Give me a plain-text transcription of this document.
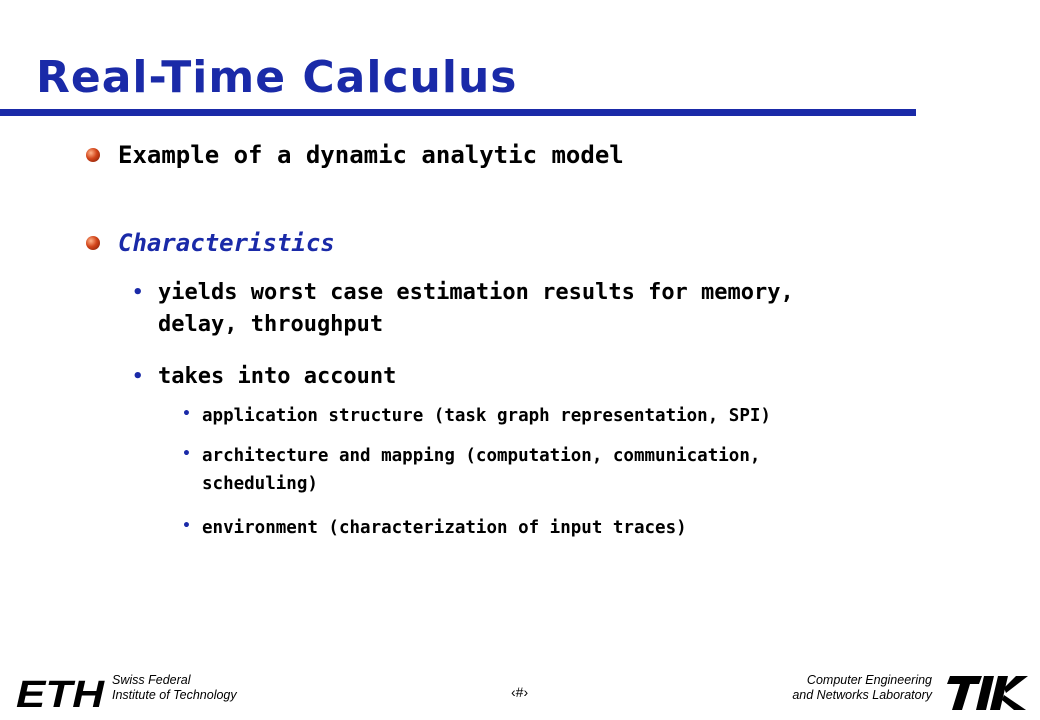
Real-Time Calculus
Example of a dynamic analytic model
Characteristics
• yields worst case estimation results for memory,
delay, throughput
• takes into account
• application structure (task graph representation, SPI)
• architecture and mapping (computation, communication,
scheduling)
• environment (characterization of input traces)
ETH Swiss Federal
Institute of Technology	‹#›
Computer Engineering
and Networks Laboratory
